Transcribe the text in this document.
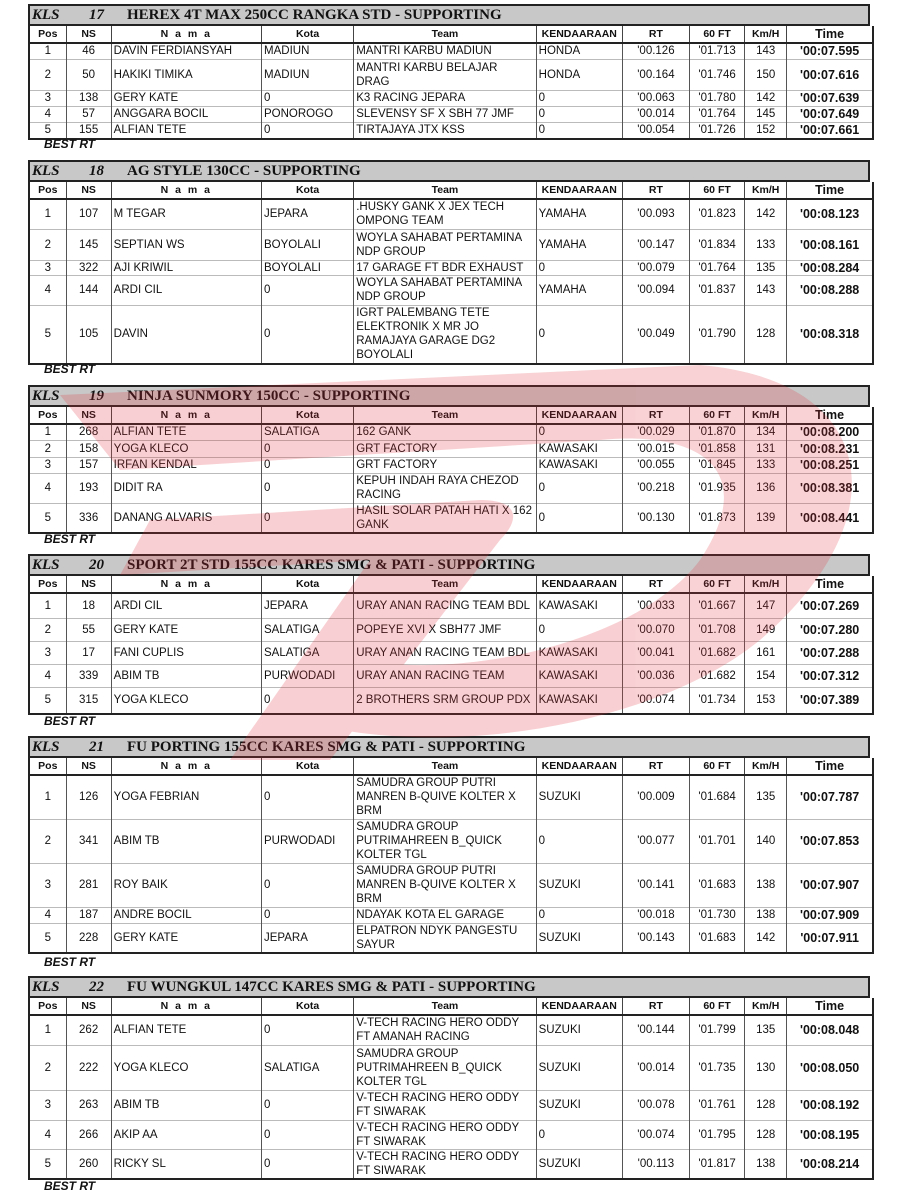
KLS	17	HEREX 4T MAX 250CC RANGKA STD - SUPPORTING
Pos	NS	N a m a	Kota	Team	KENDAARAAN	RT	60 FT	Km/H	Time
1	46	DAVIN FERDIANSYAH	MADIUN	MANTRI KARBU MADIUN	HONDA	'00.126	'01.713	143	'00:07.595
2	50	HAKIKI TIMIKA	MADIUN	MANTRI KARBU BELAJAR DRAG	HONDA	'00.164	'01.746	150	'00:07.616
3	138	GERY KATE	0	K3 RACING JEPARA	0	'00.063	'01.780	142	'00:07.639
4	57	ANGGARA BOCIL	PONOROGO	SLEVENSY SF X SBH 77 JMF	0	'00.014	'01.764	145	'00:07.649
5	155	ALFIAN TETE	0	TIRTAJAYA JTX KSS	0	'00.054	'01.726	152	'00:07.661
BEST RT
KLS	18	AG STYLE 130CC - SUPPORTING
Pos	NS	N a m a	Kota	Team	KENDAARAAN	RT	60 FT	Km/H	Time
1	107	M TEGAR	JEPARA	.HUSKY GANK X JEX TECH OMPONG TEAM	YAMAHA	'00.093	'01.823	142	'00:08.123
2	145	SEPTIAN WS	BOYOLALI	WOYLA SAHABAT PERTAMINA NDP GROUP	YAMAHA	'00.147	'01.834	133	'00:08.161
3	322	AJI KRIWIL	BOYOLALI	17 GARAGE FT BDR EXHAUST	0	'00.079	'01.764	135	'00:08.284
4	144	ARDI CIL	0	WOYLA SAHABAT PERTAMINA NDP GROUP	YAMAHA	'00.094	'01.837	143	'00:08.288
5	105	DAVIN	0	IGRT PALEMBANG TETE ELEKTRONIK X MR JO RAMAJAYA GARAGE DG2 BOYOLALI	0	'00.049	'01.790	128	'00:08.318
BEST RT
KLS	19	NINJA SUNMORY 150CC - SUPPORTING
Pos	NS	N a m a	Kota	Team	KENDAARAAN	RT	60 FT	Km/H	Time
1	268	ALFIAN TETE	SALATIGA	162 GANK	0	'00.029	'01.870	134	'00:08.200
2	158	YOGA KLECO	0	GRT FACTORY	KAWASAKI	'00.015	'01.858	131	'00:08.231
3	157	IRFAN KENDAL	0	GRT FACTORY	KAWASAKI	'00.055	'01.845	133	'00:08.251
4	193	DIDIT RA	0	KEPUH INDAH RAYA CHEZOD RACING	0	'00.218	'01.935	136	'00:08.381
5	336	DANANG ALVARIS	0	HASIL SOLAR PATAH HATI X 162 GANK	0	'00.130	'01.873	139	'00:08.441
BEST RT
KLS	20	SPORT 2T STD 155CC KARES SMG & PATI - SUPPORTING
Pos	NS	N a m a	Kota	Team	KENDAARAAN	RT	60 FT	Km/H	Time
1	18	ARDI CIL	JEPARA	URAY ANAN RACING TEAM BDL	KAWASAKI	'00.033	'01.667	147	'00:07.269
2	55	GERY KATE	SALATIGA	POPEYE XVI X SBH77 JMF	0	'00.070	'01.708	149	'00:07.280
3	17	FANI CUPLIS	SALATIGA	URAY ANAN RACING TEAM BDL	KAWASAKI	'00.041	'01.682	161	'00:07.288
4	339	ABIM TB	PURWODADI	URAY ANAN RACING TEAM	KAWASAKI	'00.036	'01.682	154	'00:07.312
5	315	YOGA KLECO	0	2 BROTHERS SRM GROUP PDX	KAWASAKI	'00.074	'01.734	153	'00:07.389
BEST RT
KLS	21	FU PORTING 155CC KARES SMG & PATI - SUPPORTING
Pos	NS	N a m a	Kota	Team	KENDAARAAN	RT	60 FT	Km/H	Time
1	126	YOGA FEBRIAN	0	SAMUDRA GROUP PUTRI MANREN B-QUIVE KOLTER X BRM	SUZUKI	'00.009	'01.684	135	'00:07.787
2	341	ABIM TB	PURWODADI	SAMUDRA GROUP PUTRIMAHREEN B_QUICK KOLTER TGL	0	'00.077	'01.701	140	'00:07.853
3	281	ROY BAIK	0	SAMUDRA GROUP PUTRI MANREN B-QUIVE KOLTER X BRM	SUZUKI	'00.141	'01.683	138	'00:07.907
4	187	ANDRE BOCIL	0	NDAYAK KOTA EL GARAGE	0	'00.018	'01.730	138	'00:07.909
5	228	GERY KATE	JEPARA	ELPATRON NDYK PANGESTU SAYUR	SUZUKI	'00.143	'01.683	142	'00:07.911
BEST RT
KLS	22	FU WUNGKUL 147CC KARES SMG & PATI - SUPPORTING
Pos	NS	N a m a	Kota	Team	KENDAARAAN	RT	60 FT	Km/H	Time
1	262	ALFIAN TETE	0	V-TECH RACING HERO ODDY FT AMANAH RACING	SUZUKI	'00.144	'01.799	135	'00:08.048
2	222	YOGA KLECO	SALATIGA	SAMUDRA GROUP PUTRIMAHREEN B_QUICK KOLTER TGL	SUZUKI	'00.014	'01.735	130	'00:08.050
3	263	ABIM TB	0	V-TECH RACING HERO ODDY FT SIWARAK	SUZUKI	'00.078	'01.761	128	'00:08.192
4	266	AKIP AA	0	V-TECH RACING HERO ODDY FT SIWARAK	0	'00.074	'01.795	128	'00:08.195
5	260	RICKY SL	0	V-TECH RACING HERO ODDY FT SIWARAK	SUZUKI	'00.113	'01.817	138	'00:08.214
BEST RT
